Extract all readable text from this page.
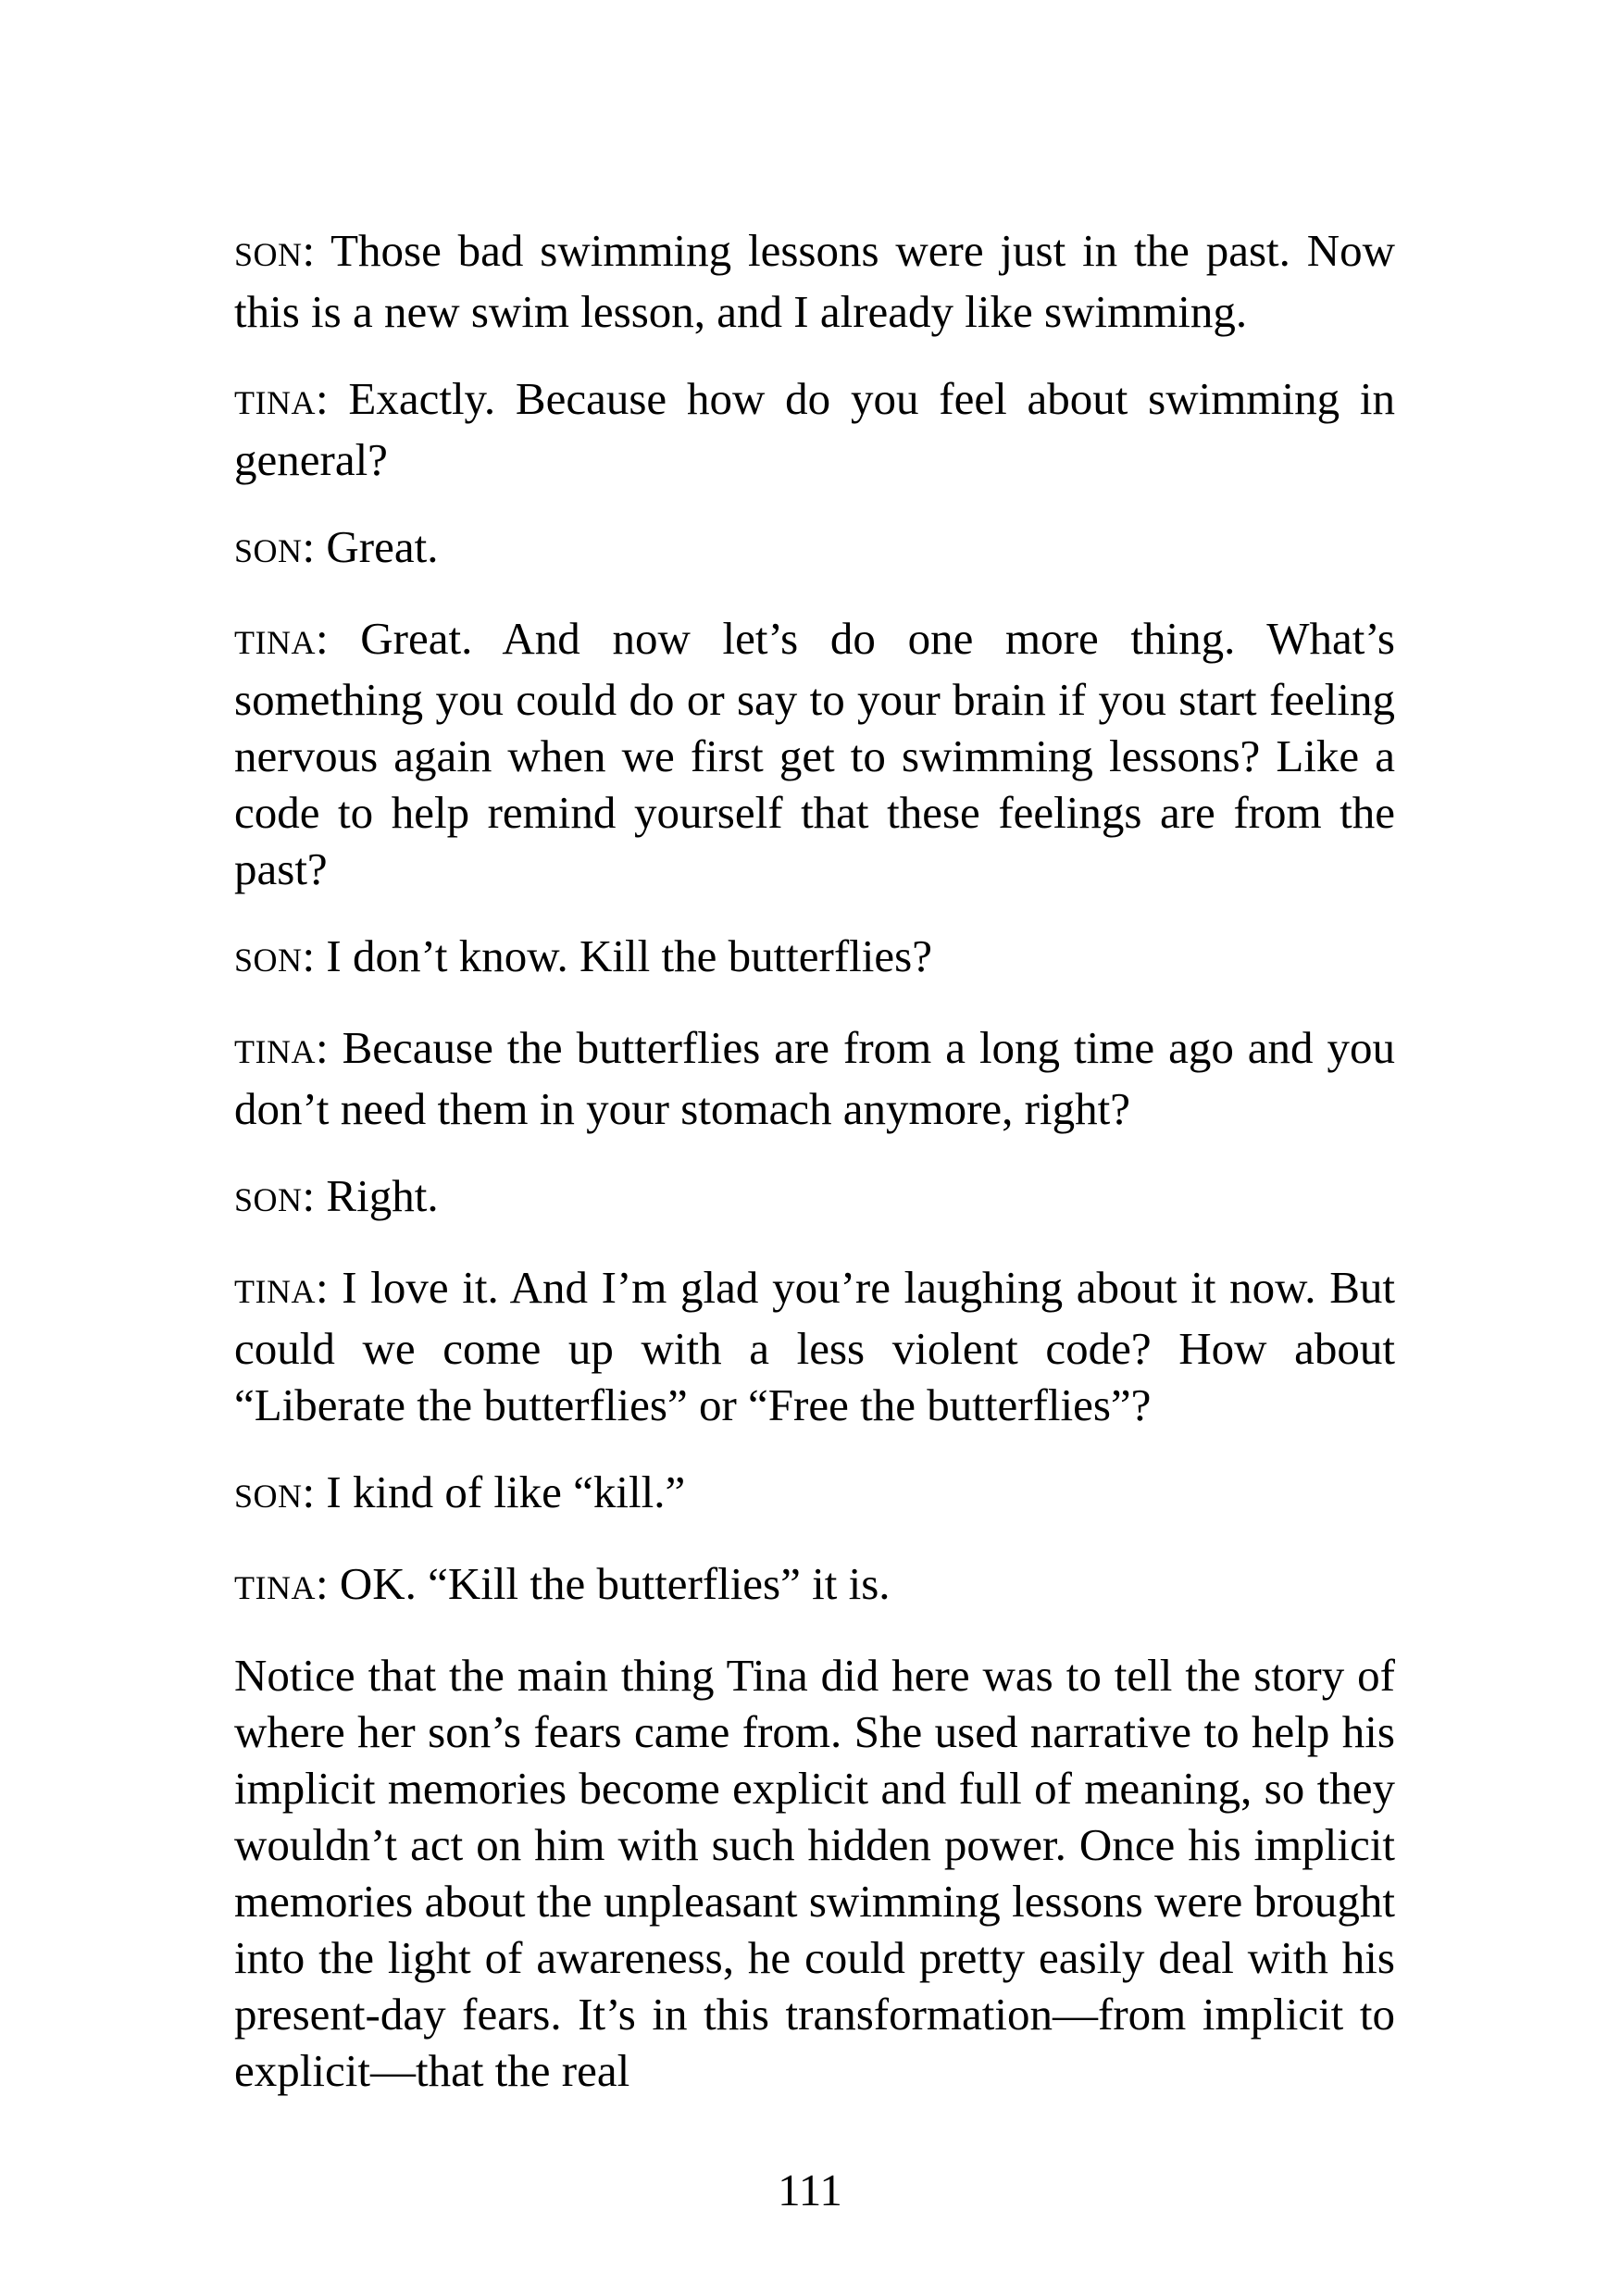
SON: Those bad swimming lessons were just in the past. Now this is a new swim lesson, and I already like swimming.

TINA: Exactly. Because how do you feel about swimming in general?

SON: Great.

TINA: Great. And now let’s do one more thing. What’s something you could do or say to your brain if you start feeling nervous again when we first get to swimming lessons? Like a code to help remind yourself that these feelings are from the past?

SON: I don’t know. Kill the butterflies?

TINA: Because the butterflies are from a long time ago and you don’t need them in your stomach anymore, right?

SON: Right.

TINA: I love it. And I’m glad you’re laughing about it now. But could we come up with a less violent code? How about “Liberate the butterflies” or “Free the butterflies”?

SON: I kind of like “kill.”

TINA: OK. “Kill the butterflies” it is.

Notice that the main thing Tina did here was to tell the story of where her son’s fears came from. She used narrative to help his implicit memories become explicit and full of meaning, so they wouldn’t act on him with such hidden power. Once his implicit memories about the unpleasant swimming lessons were brought into the light of awareness, he could pretty easily deal with his present-day fears. It’s in this transformation—from implicit to explicit—that the real

111
